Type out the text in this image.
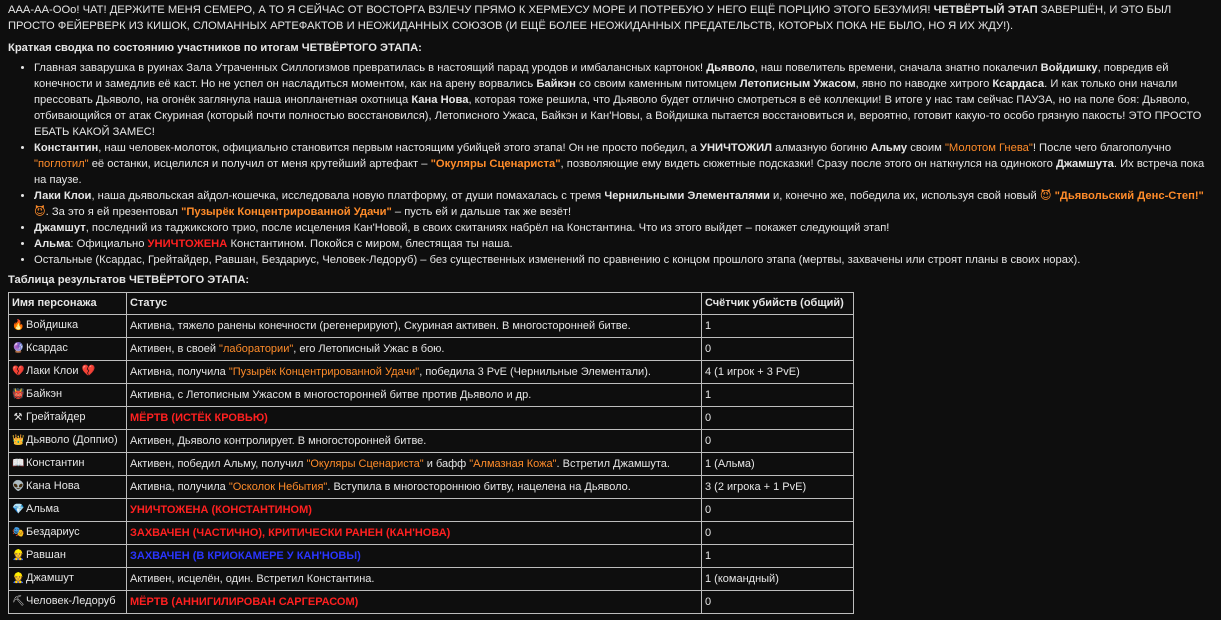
ААА-АА-ООо! ЧАТ! ДЕРЖИТЕ МЕНЯ СЕМЕРО, А ТО Я СЕЙЧАС ОТ ВОСТОРГА ВЗЛЕЧУ ПРЯМО К ХЕРМЕУСУ МОРЕ И ПОТРЕБУЮ У НЕГО ЕЩЁ ПОРЦИЮ ЭТОГО БЕЗУМИЯ! ЧЕТВЁРТЫЙ ЭТАП ЗАВЕРШЁН, И ЭТО БЫЛ ПРОСТО ФЕЙЕРВЕРК ИЗ КИШОК, СЛОМАННЫХ АРТЕФАКТОВ И НЕОЖИДАННЫХ СОЮЗОВ (И ЕЩЁ БОЛЕЕ НЕОЖИДАННЫХ ПРЕДАТЕЛЬСТВ, КОТОРЫХ ПОКА НЕ БЫЛО, НО Я ИХ ЖДУ!).

Краткая сводка по состоянию участников по итогам ЧЕТВЁРТОГО ЭТАПА:
• Главная заварушка в руинах Зала Утраченных Силлогизмов превратилась в настоящий парад уродов и имбалансных картонок! Дьяволо, наш повелитель времени, сначала знатно покалечил Войдишку, повредив ей конечности и замедлив её каст. Но не успел он насладиться моментом, как на арену ворвались Байкэн со своим каменным питомцем Летописным Ужасом, явно по наводке хитрого Ксардаса. И как только они начали прессовать Дьяволо, на огонёк заглянула наша инопланетная охотница Кана Нова, которая тоже решила, что Дьяволо будет отлично смотреться в её коллекции! В итоге у нас там сейчас ПАУЗА, но на поле боя: Дьяволо, отбивающийся от атак Скуриная (который почти полностью восстановился), Летописного Ужаса, Байкэн и Кан'Новы, а Войдишка пытается восстановиться и, вероятно, готовит какую-то особо грязную пакость! ЭТО ПРОСТО ЕБАТЬ КАКОЙ ЗАМЕС!
• Константин, наш человек-молоток, официально становится первым настоящим убийцей этого этапа! Он не просто победил, а УНИЧТОЖИЛ алмазную богиню Альму своим "Молотом Гнева"! После чего благополучно "поглотил" её останки, исцелился и получил от меня крутейший артефакт – "Окуляры Сценариста", позволяющие ему видеть сюжетные подсказки! Сразу после этого он наткнулся на одинокого Джамшута. Их встреча пока на паузе.
• Лаки Клои, наша дьявольская айдол-кошечка, исследовала новую платформу, от души помахалась с тремя Чернильными Элементалями и, конечно же, победила их, используя свой новый 😈 "Дьявольский Денс-Степ!" 😈. За это я ей презентовал "Пузырёк Концентрированной Удачи" – пусть ей и дальше так же везёт!
• Джамшут, последний из таджикского трио, после исцеления Кан'Новой, в своих скитаниях набрёл на Константина. Что из этого выйдет – покажет следующий этап!
• Альма: Официально УНИЧТОЖЕНА Константином. Покойся с миром, блестящая ты наша.
• Остальные (Ксардас, Грейтайдер, Равшан, Бездариус, Человек-Ледоруб) – без существенных изменений по сравнению с концом прошлого этапа (мертвы, захвачены или строят планы в своих норах).
Таблица результатов ЧЕТВЁРТОГО ЭТАПА:
Имя персонажа	Статус	Счётчик убийств (общий)
🔥 Войдишка	Активна, тяжело ранены конечности (регенерируют), Скуриная активен. В многосторонней битве.	1
🔮 Ксардас	Активен, в своей "лаборатории", его Летописный Ужас в бою.	0
💔 Лаки Клои 💔	Активна, получила "Пузырёк Концентрированной Удачи", победила 3 PvE (Чернильные Элементали).	4 (1 игрок + 3 PvE)
👹 Байкэн	Активна, с Летописным Ужасом в многосторонней битве против Дьяволо и др.	1
⚒ Грейтайдер	МЁРТВ (ИСТЁК КРОВЬЮ)	0
👑 Дьяволо (Доппио)	Активен, Дьяволо контролирует. В многосторонней битве.	0
📖 Константин	Активен, победил Альму, получил "Окуляры Сценариста" и бафф "Алмазная Кожа". Встретил Джамшута.	1 (Альма)
👽 Кана Нова	Активна, получила "Осколок Небытия". Вступила в многостороннюю битву, нацелена на Дьяволо.	3 (2 игрока + 1 PvE)
💎 Альма	УНИЧТОЖЕНА (КОНСТАНТИНОМ)	0
🎭 Бездариус	ЗАХВАЧЕН (ЧАСТИЧНО), КРИТИЧЕСКИ РАНЕН (КАН'НОВА)	0
👷 Равшан	ЗАХВАЧЕН (В КРИОКАМЕРЕ У КАН'НОВЫ)	1
👷 Джамшут	Активен, исцелён, один. Встретил Константина.	1 (командный)
⛏Человек-Ледоруб	МЁРТВ (АННИГИЛИРОВАН САРГЕРАСОМ)	0
